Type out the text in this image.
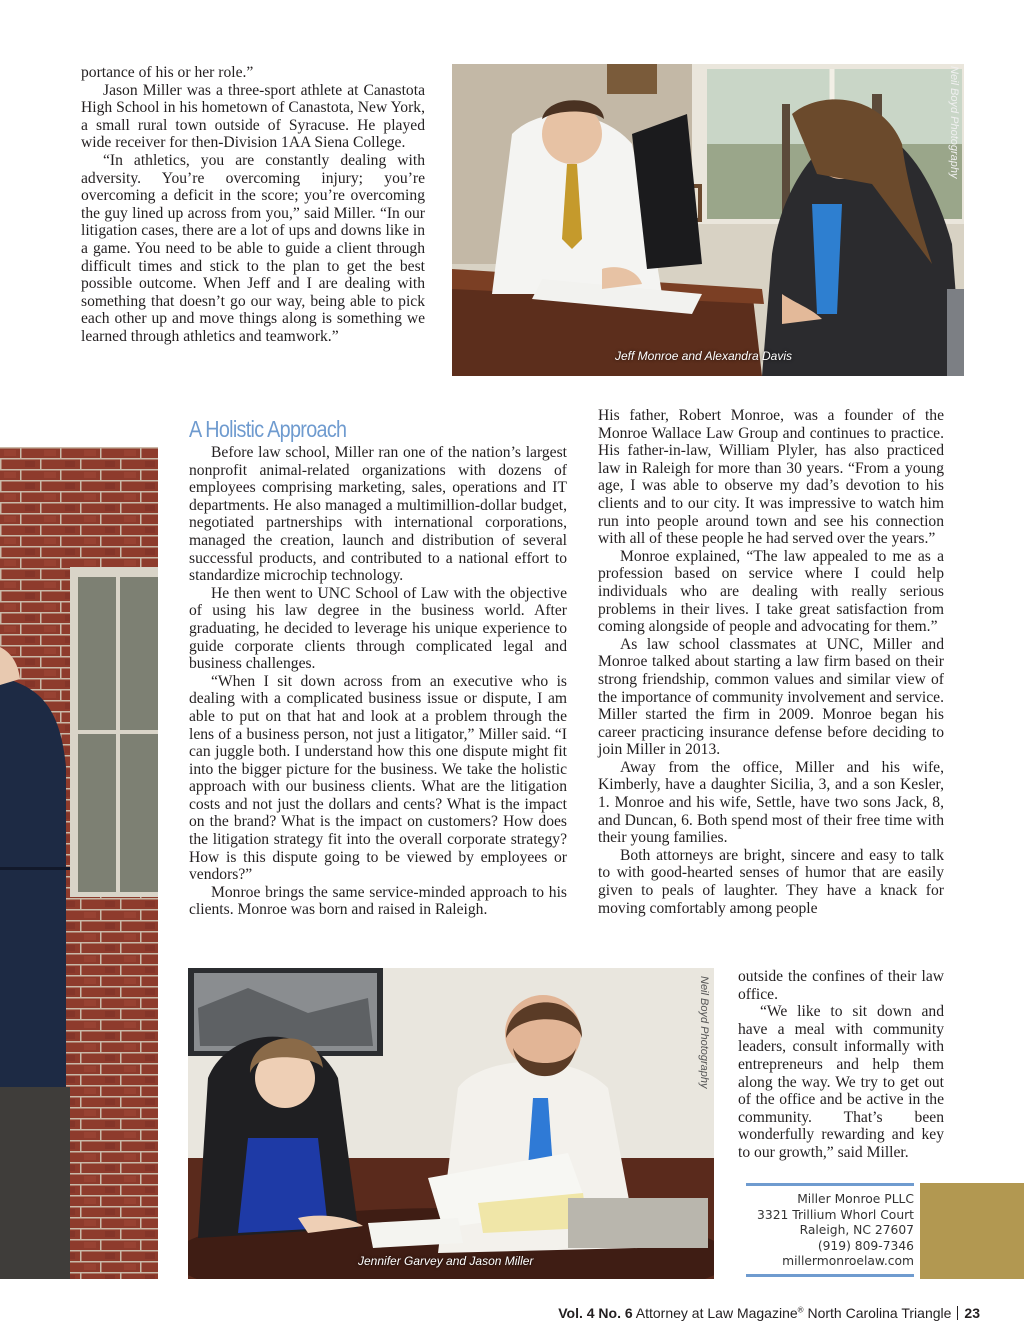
portance of his or her role.”

Jason Miller was a three-sport athlete at Canastota High School in his hometown of Canastota, New York, a small rural town outside of Syracuse. He played wide receiver for then-Division 1AA Siena College.

“In athletics, you are constantly dealing with adversity. You’re overcoming injury; you’re overcoming a deficit in the score; you’re overcoming the guy lined up across from you,” said Miller. “In our litigation cases, there are a lot of ups and downs like in a game. You need to be able to guide a client through difficult times and stick to the plan to get the best possible outcome. When Jeff and I are dealing with something that doesn’t go our way, being able to pick each other up and move things along is something we learned through athletics and teamwork.”

Jeff Monroe and Alexandra Davis
Neil Boyd Photography
A Holistic Approach

Before law school, Miller ran one of the nation’s largest nonprofit animal-related organizations with dozens of employees comprising marketing, sales, operations and IT departments. He also managed a multimillion-dollar budget, negotiated partnerships with international corporations, managed the creation, launch and distribution of several successful products, and contributed to a national effort to standardize microchip technology.

He then went to UNC School of Law with the objective of using his law degree in the business world. After graduating, he decided to leverage his unique experience to guide corporate clients through complicated legal and business challenges.

“When I sit down across from an executive who is dealing with a complicated business issue or dispute, I am able to put on that hat and look at a problem through the lens of a business person, not just a litigator,” Miller said. “I can juggle both. I understand how this one dispute might fit into the bigger picture for the business. We take the holistic approach with our business clients. What are the litigation costs and not just the dollars and cents? What is the impact on the brand? What is the impact on customers? How does the litigation strategy fit into the overall corporate strategy? How is this dispute going to be viewed by employees or vendors?”

Monroe brings the same service-minded approach to his clients. Monroe was born and raised in Raleigh.

His father, Robert Monroe, was a founder of the Monroe Wallace Law Group and continues to practice. His father-in-law, William Plyler, has also practiced law in Raleigh for more than 30 years. “From a young age, I was able to observe my dad’s devotion to his clients and to our city. It was impressive to watch him run into people around town and see his connection with all of these people he had served over the years.”

Monroe explained, “The law appealed to me as a profession based on service where I could help individuals who are dealing with really serious problems in their lives. I take great satisfaction from coming alongside of people and advocating for them.”

As law school classmates at UNC, Miller and Monroe talked about starting a law firm based on their strong friendship, common values and similar view of the importance of community involvement and service. Miller started the firm in 2009. Monroe began his career practicing insurance defense before deciding to join Miller in 2013.

Away from the office, Miller and his wife, Kimberly, have a daughter Sicilia, 3, and a son Kesler, 1. Monroe and his wife, Settle, have two sons Jack, 8, and Duncan, 6. Both spend most of their free time with their young families.

Both attorneys are bright, sincere and easy to talk to with good-hearted senses of humor that are easily given to peals of laughter. They have a knack for moving comfortably among people

outside the confines of their law office.

“We like to sit down and have a meal with community leaders, consult informally with entrepreneurs and help them along the way. We try to get out of the office and be active in the community. That’s been wonderfully rewarding and key to our growth,” said Miller.

Jennifer Garvey and Jason Miller
Neil Boyd Photography
Miller Monroe PLLC
3321 Trillium Whorl Court
Raleigh, NC 27607
(919) 809-7346
millermonroelaw.com
Vol. 4 No. 6 Attorney at Law Magazine® North Carolina Triangle 23
